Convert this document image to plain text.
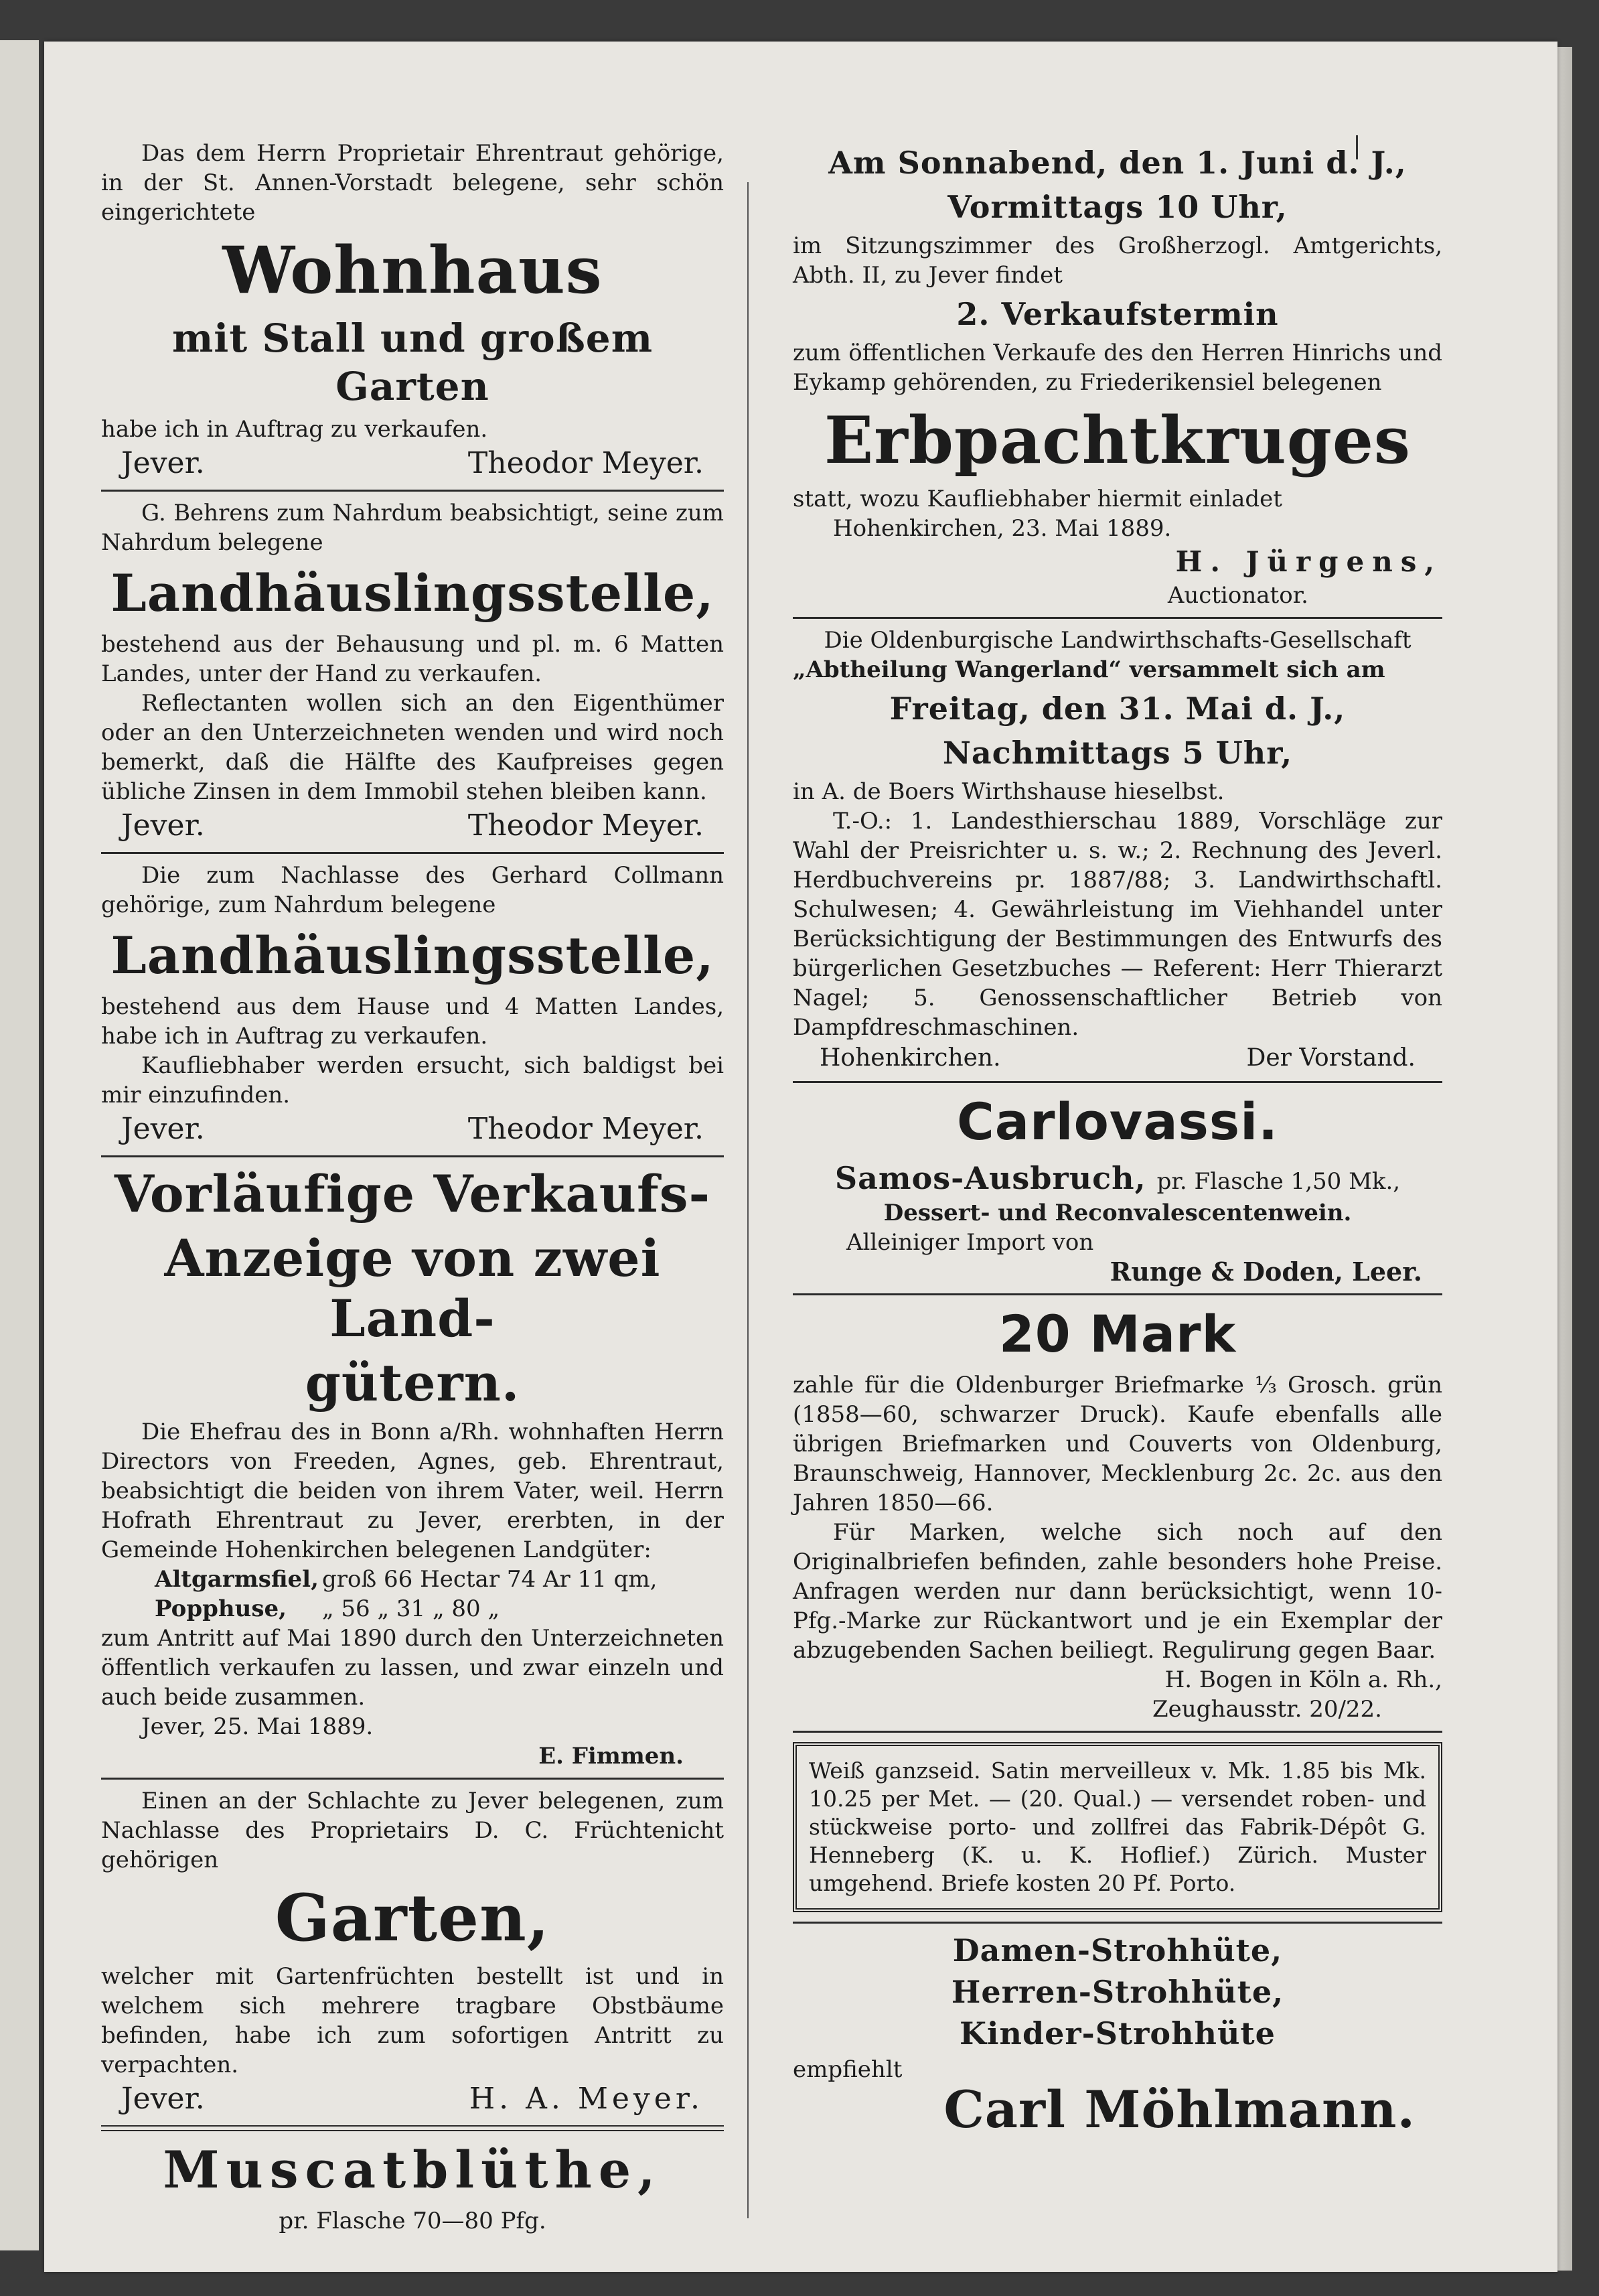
Das dem Herrn Proprietair Ehrentraut gehörige, in der St. Annen-Vorstadt belegene, sehr schön eingerichtete

Wohnhaus
mit Stall und großem Garten

habe ich in Auftrag zu verkaufen.

Jever.	Theodor Meyer.

G. Behrens zum Nahrdum beabsichtigt, seine zum Nahrdum belegene

Landhäuslingsstelle,

bestehend aus der Behausung und pl. m. 6 Matten Landes, unter der Hand zu verkaufen.

Reflectanten wollen sich an den Eigenthümer oder an den Unterzeichneten wenden und wird noch bemerkt, daß die Hälfte des Kaufpreises gegen übliche Zinsen in dem Immobil stehen bleiben kann.

Jever.	Theodor Meyer.

Die zum Nachlasse des Gerhard Collmann gehörige, zum Nahrdum belegene

Landhäuslingsstelle,

bestehend aus dem Hause und 4 Matten Landes, habe ich in Auftrag zu verkaufen.

Kaufliebhaber werden ersucht, sich baldigst bei mir einzufinden.

Jever.	Theodor Meyer.
Vorläufige Verkaufs-
Anzeige von zwei Land-
gütern.

Die Ehefrau des in Bonn a/Rh. wohnhaften Herrn Directors von Freeden, Agnes, geb. Ehrentraut, beabsichtigt die beiden von ihrem Vater, weil. Herrn Hofrath Ehrentraut zu Jever, ererbten, in der Gemeinde Hohenkirchen belegenen Landgüter:

Altgarmsfiel, groß 66 Hectar 74 Ar 11 qm,
Popphuse,	„ 56 „ 31 „ 80 „

zum Antritt auf Mai 1890 durch den Unterzeichneten öffentlich verkaufen zu lassen, und zwar einzeln und auch beide zusammen.

Jever, 25. Mai 1889.

E. Fimmen.

Einen an der Schlachte zu Jever belegenen, zum Nachlasse des Proprietairs D. C. Früchtenicht gehörigen

Garten,

welcher mit Gartenfrüchten bestellt ist und in welchem sich mehrere tragbare Obstbäume befinden, habe ich zum sofortigen Antritt zu verpachten.

Jever.	H. A. Meyer.
Muscatblüthe,

pr. Flasche 70—80 Pfg.

Am Sonnabend, den 1. Juni d. J.,
Vormittags 10 Uhr,

im Sitzungszimmer des Großherzogl. Amtgerichts, Abth. II, zu Jever findet

2. Verkaufstermin

zum öffentlichen Verkaufe des den Herren Hinrichs und Eykamp gehörenden, zu Friederikensiel belegenen

Erbpachtkruges

statt, wozu Kaufliebhaber hiermit einladet

Hohenkirchen, 23. Mai 1889.

H. Jürgens,

Auctionator.

Die Oldenburgische Landwirthschafts-Gesellschaft

„Abtheilung Wangerland“ versammelt sich am

Freitag, den 31. Mai d. J.,
Nachmittags 5 Uhr,

in A. de Boers Wirthshause hieselbst.

T.-O.: 1. Landesthierschau 1889, Vorschläge zur Wahl der Preisrichter u. s. w.; 2. Rechnung des Jeverl. Herdbuchvereins pr. 1887/88; 3. Landwirthschaftl. Schulwesen; 4. Gewährleistung im Viehhandel unter Berücksichtigung der Bestimmungen des Entwurfs des bürgerlichen Gesetzbuches — Referent: Herr Thierarzt Nagel; 5. Genossenschaftlicher Betrieb von Dampfdreschmaschinen.

Hohenkirchen.	Der Vorstand.
Carlovassi.
Samos-Ausbruch, pr. Flasche 1,50 Mk.,

Dessert- und Reconvalescentenwein.

Alleiniger Import von

Runge & Doden, Leer.

20 Mark

zahle für die Oldenburger Briefmarke ⅓ Grosch. grün (1858—60, schwarzer Druck). Kaufe ebenfalls alle übrigen Briefmarken und Couverts von Oldenburg, Braunschweig, Hannover, Mecklenburg 2c. 2c. aus den Jahren 1850—66.

Für Marken, welche sich noch auf den Originalbriefen befinden, zahle besonders hohe Preise. Anfragen werden nur dann berücksichtigt, wenn 10-Pfg.-Marke zur Rückantwort und je ein Exemplar der abzugebenden Sachen beiliegt. Regulirung gegen Baar.

H. Bogen in Köln a. Rh.,

Zeughausstr. 20/22.

Weiß ganzseid. Satin merveilleux v. Mk. 1.85 bis Mk. 10.25 per Met. — (20. Qual.) — versendet roben- und stückweise porto- und zollfrei das Fabrik-Dépôt G. Henneberg (K. u. K. Hoflief.) Zürich. Muster umgehend. Briefe kosten 20 Pf. Porto.

Damen-Strohhüte,
Herren-Strohhüte,
Kinder-Strohhüte

empfiehlt

Carl Möhlmann.
